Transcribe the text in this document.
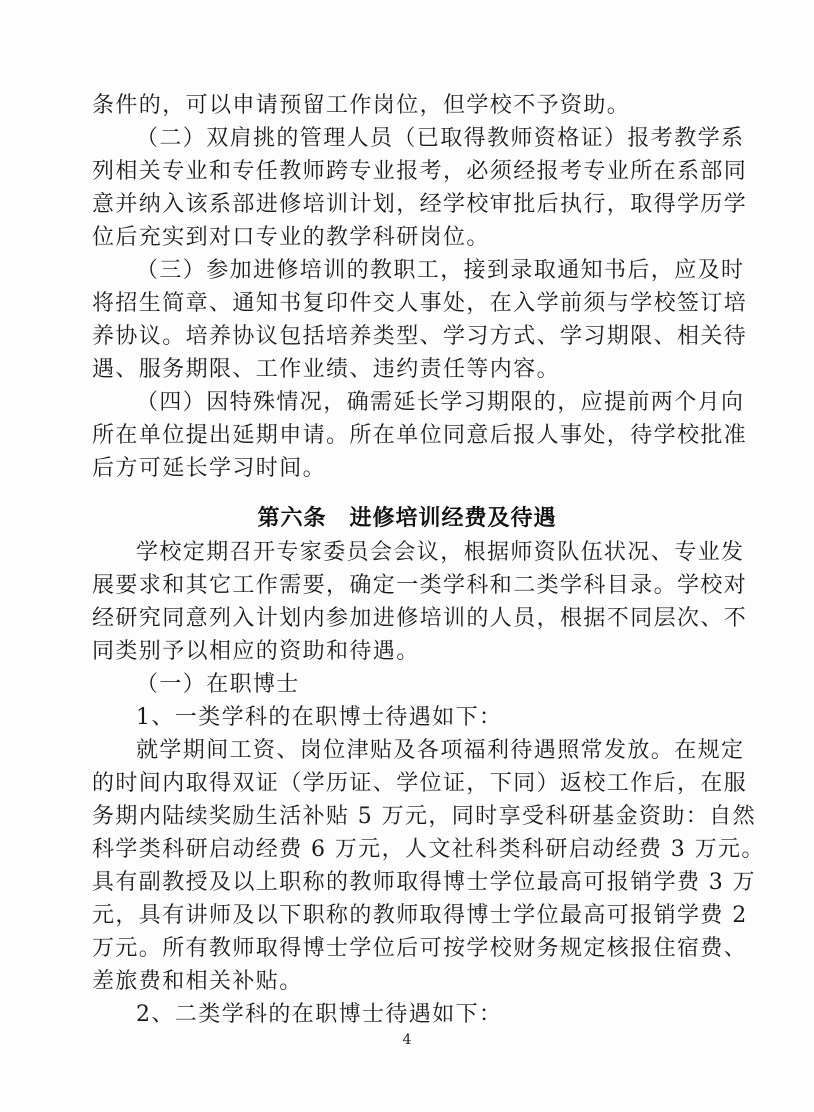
条件的，可以申请预留工作岗位，但学校不予资助。
（二）双肩挑的管理人员（已取得教师资格证）报考教学系
列相关专业和专任教师跨专业报考，必须经报考专业所在系部同
意并纳入该系部进修培训计划，经学校审批后执行，取得学历学
位后充实到对口专业的教学科研岗位。
（三）参加进修培训的教职工，接到录取通知书后，应及时
将招生简章、通知书复印件交人事处，在入学前须与学校签订培
养协议。培养协议包括培养类型、学习方式、学习期限、相关待
遇、服务期限、工作业绩、违约责任等内容。
（四）因特殊情况，确需延长学习期限的，应提前两个月向
所在单位提出延期申请。所在单位同意后报人事处，待学校批准
后方可延长学习时间。
第六条　进修培训经费及待遇
学校定期召开专家委员会会议，根据师资队伍状况、专业发
展要求和其它工作需要，确定一类学科和二类学科目录。学校对
经研究同意列入计划内参加进修培训的人员，根据不同层次、不
同类别予以相应的资助和待遇。
（一）在职博士
1、一类学科的在职博士待遇如下：
就学期间工资、岗位津贴及各项福利待遇照常发放。在规定
的时间内取得双证（学历证、学位证，下同）返校工作后，在服
务期内陆续奖励生活补贴 5 万元，同时享受科研基金资助：自然
科学类科研启动经费 6 万元，人文社科类科研启动经费 3 万元。
具有副教授及以上职称的教师取得博士学位最高可报销学费 3 万
元，具有讲师及以下职称的教师取得博士学位最高可报销学费 2
万元。所有教师取得博士学位后可按学校财务规定核报住宿费、
差旅费和相关补贴。
2、二类学科的在职博士待遇如下：
4
